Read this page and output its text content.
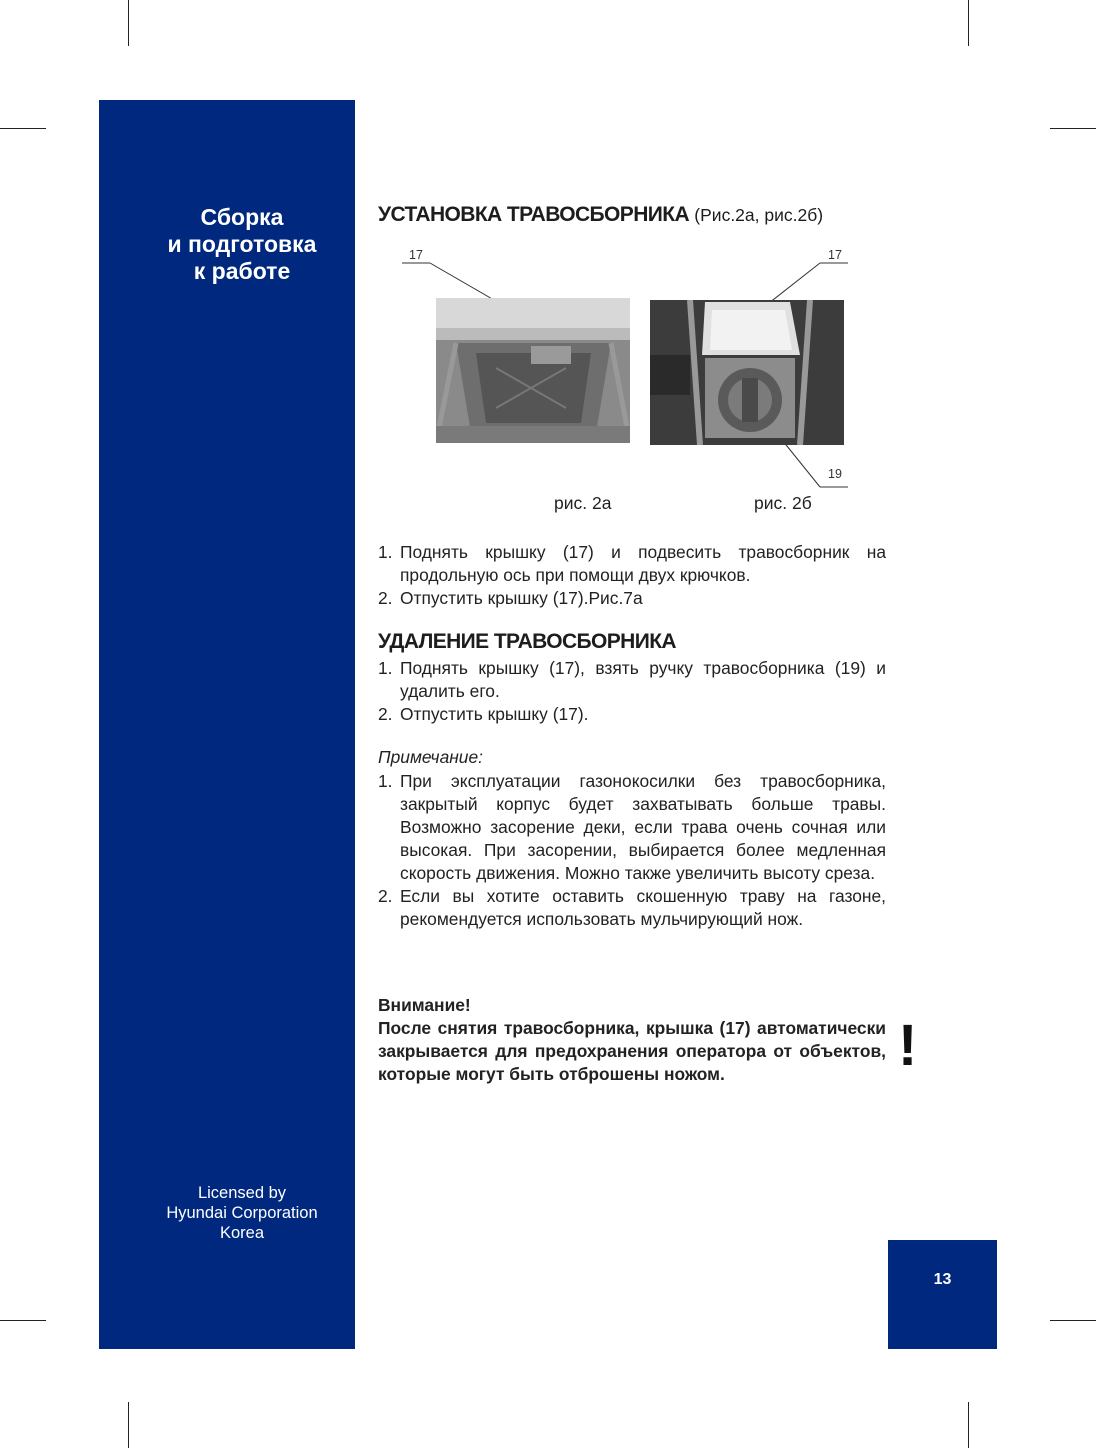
Сборка
и подготовка
к работе
Licensed by
Hyundai Corporation
Korea
13
УСТАНОВКА ТРАВОСБОРНИКА (Рис.2а, рис.2б)
17	17
19
рис. 2а	рис. 2б
1. Поднять крышку (17) и подвесить травосборник на продольную ось при помощи двух крючков.
2. Отпустить крышку (17).Рис.7а
УДАЛЕНИЕ ТРАВОСБОРНИКА
1. Поднять крышку (17), взять ручку травосборника (19) и удалить его.
2. Отпустить крышку (17).
Примечание:
1. При эксплуатации газонокосилки без травосборника, закрытый корпус будет захватывать больше травы. Возможно засорение деки, если трава очень сочная или высокая. При засорении, выбирается более медленная скорость движения. Можно также увеличить высоту среза.
2. Если вы хотите оставить скошенную траву на газоне, рекомендуется использовать мульчирующий нож.
Внимание!
После снятия травосборника, крышка (17) автоматически закрывается для предохранения оператора от объектов, которые могут быть отброшены ножом.	!
